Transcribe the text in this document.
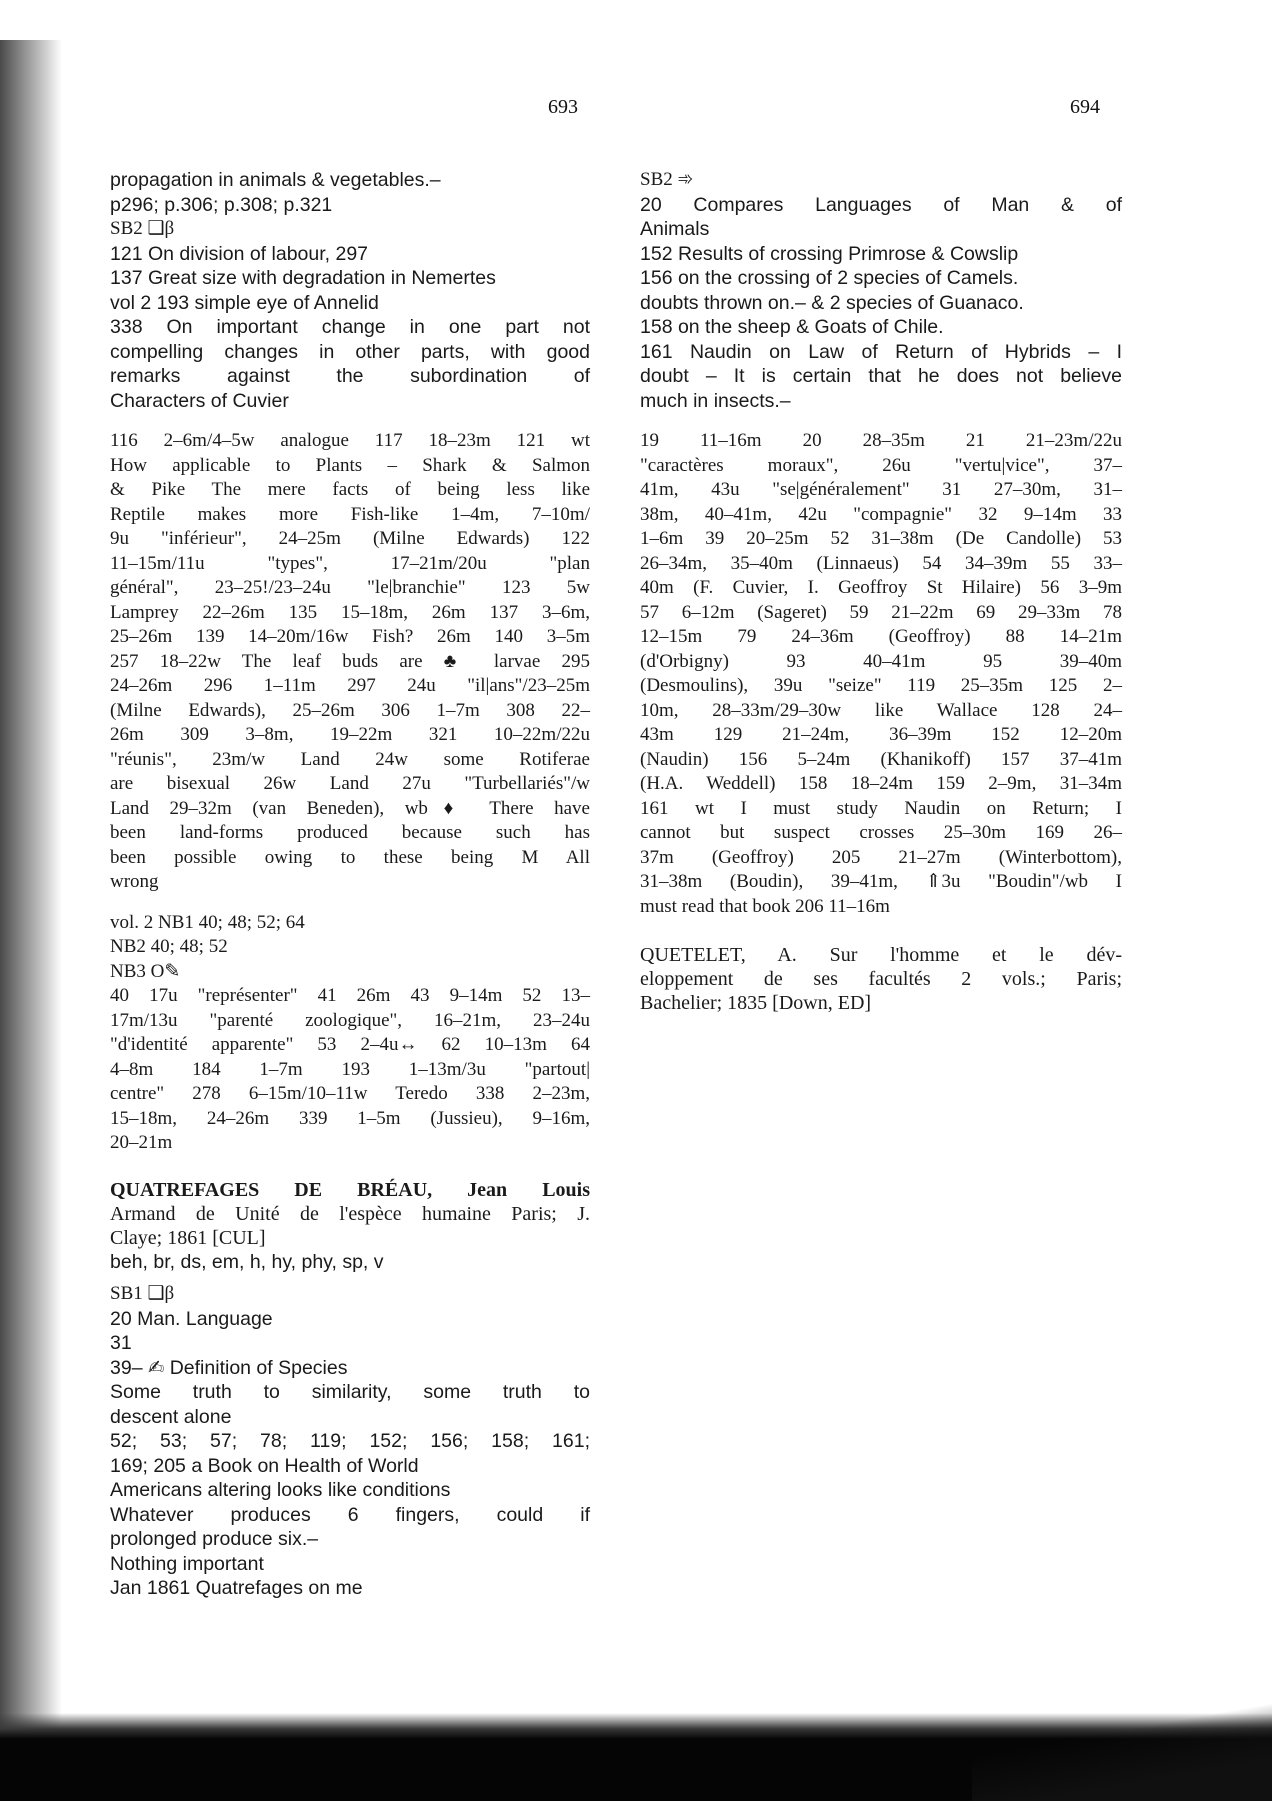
693	694
propagation in animals & vegetables.–
p296; p.306; p.308; p.321
SB2 ❑β
121 On division of labour, 297
137 Great size with degradation in Nemertes
vol 2 193 simple eye of Annelid
338 On important change in one part not
compelling changes in other parts, with good
remarks against the subordination of
Characters of Cuvier
116 2–6m/4–5w analogue 117 18–23m 121 wt
How applicable to Plants – Shark & Salmon
& Pike The mere facts of being less like
Reptile makes more Fish-like 1–4m, 7–10m/
9u "inférieur", 24–25m (Milne Edwards) 122
11–15m/11u "types", 17–21m/20u "plan
général", 23–25!/23–24u "le|branchie" 123 5w
Lamprey 22–26m 135 15–18m, 26m 137 3–6m,
25–26m 139 14–20m/16w Fish? 26m 140 3–5m
257 18–22w The leaf buds are ♣ larvae 295
24–26m 296 1–11m 297 24u "il|ans"/23–25m
(Milne Edwards), 25–26m 306 1–7m 308 22–
26m 309 3–8m, 19–22m 321 10–22m/22u
"réunis", 23m/w Land 24w some Rotiferae
are bisexual 26w Land 27u "Turbellariés"/w
Land 29–32m (van Beneden), wb♦ There have
been land-forms produced because such has
been possible owing to these being M All
wrong
vol. 2 NB1 40; 48; 52; 64
NB2 40; 48; 52
NB3 O✎
40 17u "représenter" 41 26m 43 9–14m 52 13–
17m/13u "parenté zoologique", 16–21m, 23–24u
"d'identité apparente" 53 2–4u↔ 62 10–13m 64
4–8m 184 1–7m 193 1–13m/3u "partout|
centre" 278 6–15m/10–11w Teredo 338 2–23m,
15–18m, 24–26m 339 1–5m (Jussieu), 9–16m,
20–21m
QUATREFAGES DE BRÉAU, Jean Louis
Armand de Unité de l'espèce humaine Paris; J.
Claye; 1861 [CUL]
beh, br, ds, em, h, hy, phy, sp, v
SB1 ❑β
20 Man. Language
31
39– ✍ Definition of Species
Some truth to similarity, some truth to
descent alone
52; 53; 57; 78; 119; 152; 156; 158; 161;
169; 205 a Book on Health of World
Americans altering looks like conditions
Whatever produces 6 fingers, could if
prolonged produce six.–
Nothing important
Jan 1861 Quatrefages on me
SB2 ➾
20 Compares Languages of Man & of
Animals
152 Results of crossing Primrose & Cowslip
156 on the crossing of 2 species of Camels.
doubts thrown on.– & 2 species of Guanaco.
158 on the sheep & Goats of Chile.
161 Naudin on Law of Return of Hybrids – I
doubt – It is certain that he does not believe
much in insects.–
19 11–16m 20 28–35m 21 21–23m/22u
"caractères moraux", 26u "vertu|vice", 37–
41m, 43u "se|généralement" 31 27–30m, 31–
38m, 40–41m, 42u "compagnie" 32 9–14m 33
1–6m 39 20–25m 52 31–38m (De Candolle) 53
26–34m, 35–40m (Linnaeus) 54 34–39m 55 33–
40m (F. Cuvier, I. Geoffroy St Hilaire) 56 3–9m
57 6–12m (Sageret) 59 21–22m 69 29–33m 78
12–15m 79 24–36m (Geoffroy) 88 14–21m
(d'Orbigny) 93 40–41m 95 39–40m
(Desmoulins), 39u "seize" 119 25–35m 125 2–
10m, 28–33m/29–30w like Wallace 128 24–
43m 129 21–24m, 36–39m 152 12–20m
(Naudin) 156 5–24m (Khanikoff) 157 37–41m
(H.A. Weddell) 158 18–24m 159 2–9m, 31–34m
161 wt I must study Naudin on Return; I
cannot but suspect crosses 25–30m 169 26–
37m (Geoffroy) 205 21–27m (Winterbottom),
31–38m (Boudin), 39–41m, ⇑3u "Boudin"/wb I
must read that book 206 11–16m
QUETELET, A. Sur l'homme et le dév-
eloppement de ses facultés 2 vols.; Paris;
Bachelier; 1835 [Down, ED]
